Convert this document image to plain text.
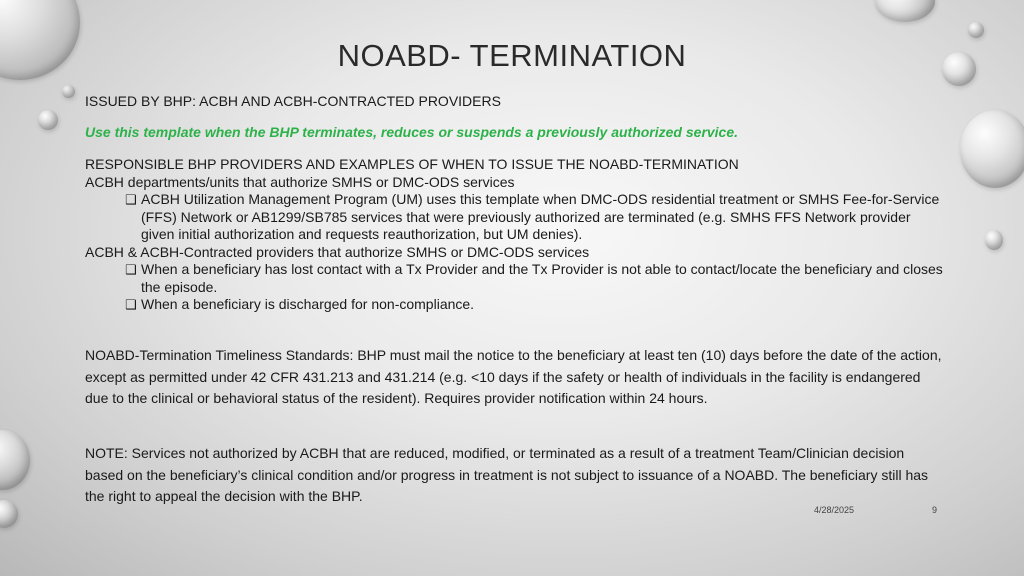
NOABD- TERMINATION
ISSUED BY BHP: ACBH AND ACBH-CONTRACTED PROVIDERS
Use this template when the BHP terminates, reduces or suspends a previously authorized service.
RESPONSIBLE BHP PROVIDERS AND EXAMPLES OF WHEN TO ISSUE THE NOABD-TERMINATION
ACBH departments/units that authorize SMHS or DMC-ODS services
❑ ACBH Utilization Management Program (UM) uses this template when DMC-ODS residential treatment or SMHS Fee-for-Service (FFS) Network or AB1299/SB785 services that were previously authorized are terminated (e.g. SMHS FFS Network provider given initial authorization and requests reauthorization, but UM denies).
ACBH & ACBH-Contracted providers that authorize SMHS or DMC-ODS services
❑ When a beneficiary has lost contact with a Tx Provider and the Tx Provider is not able to contact/locate the beneficiary and closes the episode.
❑ When a beneficiary is discharged for non-compliance.
NOABD-Termination Timeliness Standards: BHP must mail the notice to the beneficiary at least ten (10) days before the date of the action, except as permitted under 42 CFR 431.213 and 431.214 (e.g. <10 days if the safety or health of individuals in the facility is endangered due to the clinical or behavioral status of the resident). Requires provider notification within 24 hours.
NOTE: Services not authorized by ACBH that are reduced, modified, or terminated as a result of a treatment Team/Clinician decision based on the beneficiary’s clinical condition and/or progress in treatment is not subject to issuance of a NOABD. The beneficiary still has the right to appeal the decision with the BHP.
4/28/2025	9
